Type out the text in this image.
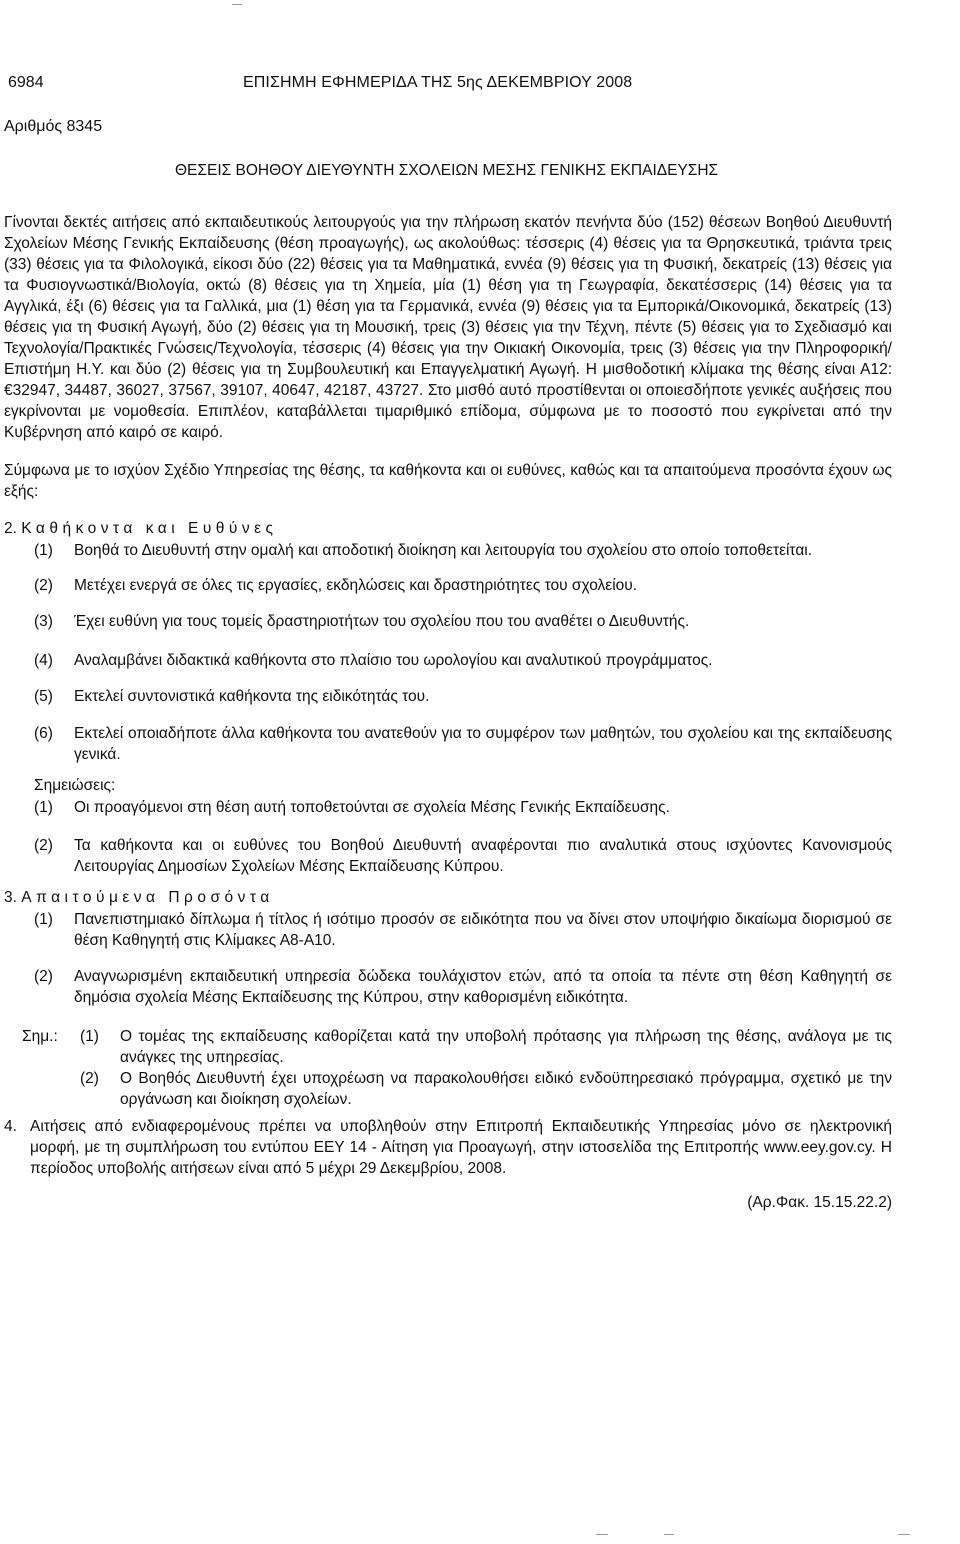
6984	ΕΠΙΣΗΜΗ ΕΦΗΜΕΡΙΔΑ ΤΗΣ 5ης ΔΕΚΕΜΒΡΙΟΥ 2008
Αριθμός 8345
ΘΕΣΕΙΣ ΒΟΗΘΟΥ ΔΙΕΥΘΥΝΤΗ ΣΧΟΛΕΙΩΝ ΜΕΣΗΣ ΓΕΝΙΚΗΣ ΕΚΠΑΙΔΕΥΣΗΣ
Γίνονται δεκτές αιτήσεις από εκπαιδευτικούς λειτουργούς για την πλήρωση εκατόν πενήντα δύο (152) θέσεων Βοηθού Διευθυντή Σχολείων Μέσης Γενικής Εκπαίδευσης (θέση προαγωγής), ως ακολούθως: τέσσερις (4) θέσεις για τα Θρησκευτικά, τριάντα τρεις (33) θέσεις για τα Φιλολογικά, είκοσι δύο (22) θέσεις για τα Μαθηματικά, εννέα (9) θέσεις για τη Φυσική, δεκατρείς (13) θέσεις για τα Φυσιογνωστικά/Βιολογία, οκτώ (8) θέσεις για τη Χημεία, μία (1) θέση για τη Γεωγραφία, δεκατέσσερις (14) θέσεις για τα Αγγλικά, έξι (6) θέσεις για τα Γαλλικά, μια (1) θέση για τα Γερμανικά, εννέα (9) θέσεις για τα Εμπορικά/Οικονομικά, δεκατρείς (13) θέσεις για τη Φυσική Αγωγή, δύο (2) θέσεις για τη Μουσική, τρεις (3) θέσεις για την Τέχνη, πέντε (5) θέσεις για το Σχεδιασμό και Τεχνολογία/Πρακτικές Γνώσεις/Τεχνολογία, τέσσερις (4) θέσεις για την Οικιακή Οικονομία, τρεις (3) θέσεις για την Πληροφορική/Επιστήμη Η.Υ. και δύο (2) θέσεις για τη Συμβουλευτική και Επαγγελματική Αγωγή. Η μισθοδοτική κλίμακα της θέσης είναι Α12: €32947, 34487, 36027, 37567, 39107, 40647, 42187, 43727. Στο μισθό αυτό προστίθενται οι οποιεσδήποτε γενικές αυξήσεις που εγκρίνονται με νομοθεσία. Επιπλέον, καταβάλλεται τιμαριθμικό επίδομα, σύμφωνα με το ποσοστό που εγκρίνεται από την Κυβέρνηση από καιρό σε καιρό.
Σύμφωνα με το ισχύον Σχέδιο Υπηρεσίας της θέσης, τα καθήκοντα και οι ευθύνες, καθώς και τα απαιτούμενα προσόντα έχουν ως εξής:
2. Καθήκοντα και Ευθύνες
(1) Βοηθά το Διευθυντή στην ομαλή και αποδοτική διοίκηση και λειτουργία του σχολείου στο οποίο τοποθετείται.
(2) Μετέχει ενεργά σε όλες τις εργασίες, εκδηλώσεις και δραστηριότητες του σχολείου.
(3) Έχει ευθύνη για τους τομείς δραστηριοτήτων του σχολείου που του αναθέτει ο Διευθυντής.
(4) Αναλαμβάνει διδακτικά καθήκοντα στο πλαίσιο του ωρολογίου και αναλυτικού προγράμματος.
(5) Εκτελεί συντονιστικά καθήκοντα της ειδικότητάς του.
(6) Εκτελεί οποιαδήποτε άλλα καθήκοντα του ανατεθούν για το συμφέρον των μαθητών, του σχολείου και της εκπαίδευσης γενικά.
Σημειώσεις:
(1) Οι προαγόμενοι στη θέση αυτή τοποθετούνται σε σχολεία Μέσης Γενικής Εκπαίδευσης.
(2) Τα καθήκοντα και οι ευθύνες του Βοηθού Διευθυντή αναφέρονται πιο αναλυτικά στους ισχύοντες Κανονισμούς Λειτουργίας Δημοσίων Σχολείων Μέσης Εκπαίδευσης Κύπρου.
3. Απαιτούμενα Προσόντα
(1) Πανεπιστημιακό δίπλωμα ή τίτλος ή ισότιμο προσόν σε ειδικότητα που να δίνει στον υποψήφιο δικαίωμα διορισμού σε θέση Καθηγητή στις Κλίμακες Α8-Α10.
(2) Αναγνωρισμένη εκπαιδευτική υπηρεσία δώδεκα τουλάχιστον ετών, από τα οποία τα πέντε στη θέση Καθηγητή σε δημόσια σχολεία Μέσης Εκπαίδευσης της Κύπρου, στην καθορισμένη ειδικότητα.
Σημ.: (1) Ο τομέας της εκπαίδευσης καθορίζεται κατά την υποβολή πρότασης για πλήρωση της θέσης, ανάλογα με τις ανάγκες της υπηρεσίας.
(2) Ο Βοηθός Διευθυντή έχει υποχρέωση να παρακολουθήσει ειδικό ενδοϋπηρεσιακό πρόγραμμα, σχετικό με την οργάνωση και διοίκηση σχολείων.
4. Αιτήσεις από ενδιαφερομένους πρέπει να υποβληθούν στην Επιτροπή Εκπαιδευτικής Υπηρεσίας μόνο σε ηλεκτρονική μορφή, με τη συμπλήρωση του εντύπου ΕΕΥ 14 - Αίτηση για Προαγωγή, στην ιστοσελίδα της Επιτροπής www.eey.gov.cy. Η περίοδος υποβολής αιτήσεων είναι από 5 μέχρι 29 Δεκεμβρίου, 2008.
(Αρ.Φακ. 15.15.22.2)
